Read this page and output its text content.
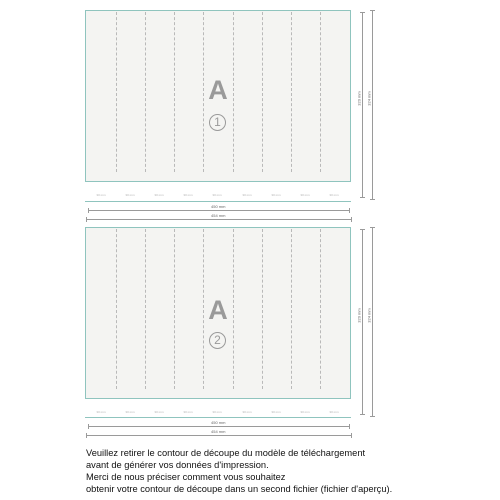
30 mm	30 mm	30 mm	30 mm	30 mm	30 mm	30 mm	30 mm	30 mm
A
1
450 mm
454 mm
320 mm 324 mm
30 mm	30 mm	30 mm	30 mm	30 mm	30 mm	30 mm	30 mm	30 mm
A
2
450 mm
454 mm
320 mm 324 mm
Veuillez retirer le contour de découpe du modèle de téléchargement
avant de générer vos données d'impression.
Merci de nous préciser comment vous souhaitez
obtenir votre contour de découpe dans un second fichier (fichier d'aperçu).
